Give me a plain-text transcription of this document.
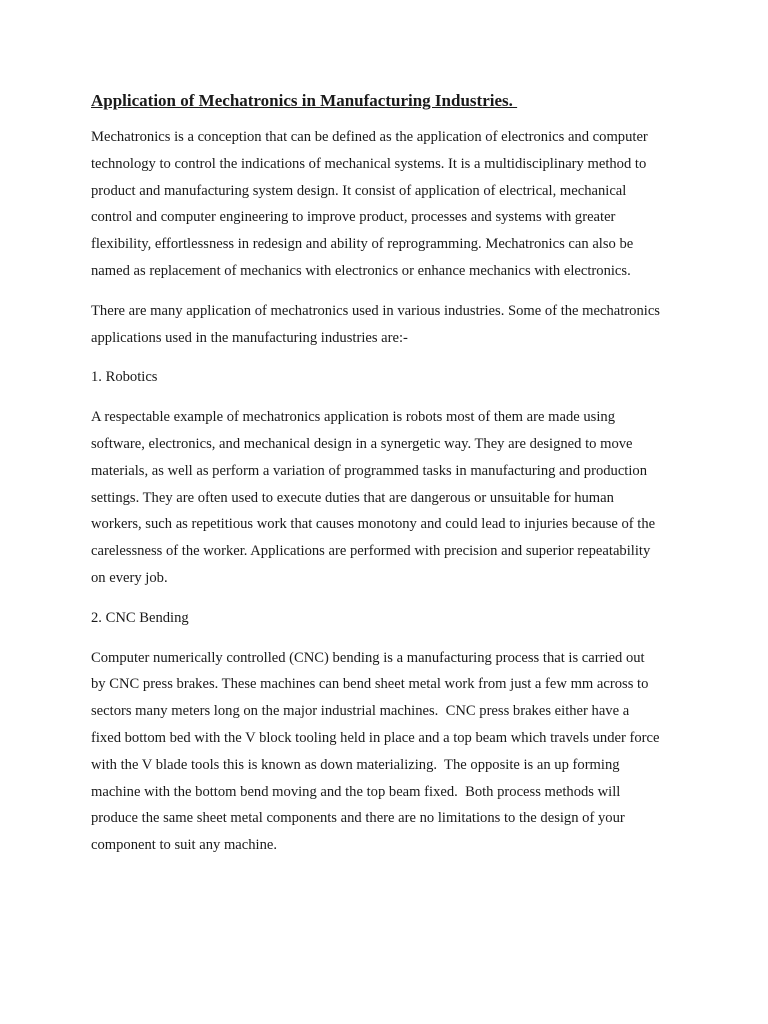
Application of Mechatronics in Manufacturing Industries.
Mechatronics is a conception that can be defined as the application of electronics and computer
technology to control the indications of mechanical systems. It is a multidisciplinary method to
product and manufacturing system design. It consist of application of electrical, mechanical
control and computer engineering to improve product, processes and systems with greater
flexibility, effortlessness in redesign and ability of reprogramming. Mechatronics can also be
named as replacement of mechanics with electronics or enhance mechanics with electronics.
There are many application of mechatronics used in various industries. Some of the mechatronics
applications used in the manufacturing industries are:-
1. Robotics
A respectable example of mechatronics application is robots most of them are made using
software, electronics, and mechanical design in a synergetic way. They are designed to move
materials, as well as perform a variation of programmed tasks in manufacturing and production
settings. They are often used to execute duties that are dangerous or unsuitable for human
workers, such as repetitious work that causes monotony and could lead to injuries because of the
carelessness of the worker. Applications are performed with precision and superior repeatability
on every job.
2. CNC Bending
Computer numerically controlled (CNC) bending is a manufacturing process that is carried out
by CNC press brakes. These machines can bend sheet metal work from just a few mm across to
sectors many meters long on the major industrial machines.  CNC press brakes either have a
fixed bottom bed with the V block tooling held in place and a top beam which travels under force
with the V blade tools this is known as down materializing.  The opposite is an up forming
machine with the bottom bend moving and the top beam fixed.  Both process methods will
produce the same sheet metal components and there are no limitations to the design of your
component to suit any machine.
